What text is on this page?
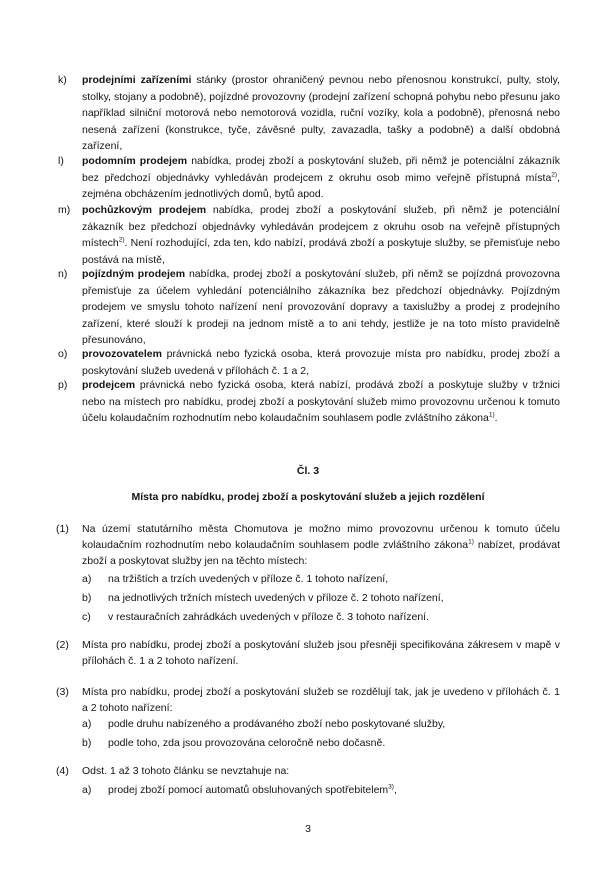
k)	prodejními zařízeními stánky (prostor ohraničený pevnou nebo přenosnou konstrukcí, pulty, stoly, stolky, stojany a podobně), pojízdné provozovny (prodejní zařízení schopná pohybu nebo přesunu jako například silniční motorová nebo nemotorová vozidla, ruční vozíky, kola a podobně), přenosná nebo nesená zařízení (konstrukce, tyče, závěsné pulty, zavazadla, tašky a podobně) a další obdobná zařízení,
l)	podomním prodejem nabídka, prodej zboží a poskytování služeb, při němž je potenciální zákazník bez předchozí objednávky vyhledáván prodejcem z okruhu osob mimo veřejně přístupná místa$^{2)}$, zejména obcházením jednotlivých domů, bytů apod.
m)	pochůzkovým prodejem nabídka, prodej zboží a poskytování služeb, při němž je potenciální zákazník bez předchozí objednávky vyhledáván prodejcem z okruhu osob na veřejně přístupných místech$^{2)}$. Není rozhodující, zda ten, kdo nabízí, prodává zboží a poskytuje služby, se přemisťuje nebo postává na místě,
n)	pojízdným prodejem nabídka, prodej zboží a poskytování služeb, při němž se pojízdná provozovna přemisťuje za účelem vyhledání potenciálního zákazníka bez předchozí objednávky. Pojízdným prodejem ve smyslu tohoto nařízení není provozování dopravy a taxislužby a prodej z prodejního zařízení, které slouží k prodeji na jednom místě a to ani tehdy, jestliže je na toto místo pravidelně přesunováno,
o)	provozovatelem právnická nebo fyzická osoba, která provozuje místa pro nabídku, prodej zboží a poskytování služeb uvedená v přílohách č. 1 a 2,
p)	prodejcem právnická nebo fyzická osoba, která nabízí, prodává zboží a poskytuje služby v tržnici nebo na místech pro nabídku, prodej zboží a poskytování služeb mimo provozovnu určenou k tomuto účelu kolaudačním rozhodnutím nebo kolaudačním souhlasem podle zvláštního zákona$^{1)}$.
Čl. 3
Místa pro nabídku, prodej zboží a poskytování služeb a jejich rozdělení
(1) Na území statutárního města Chomutova je možno mimo provozovnu určenou k tomuto účelu kolaudačním rozhodnutím nebo kolaudačním souhlasem podle zvláštního zákona$^{1)}$ nabízet, prodávat zboží a poskytovat služby jen na těchto místech:
a) na tržištích a trzích uvedených v příloze č. 1 tohoto nařízení,
b) na jednotlivých tržních místech uvedených v příloze č. 2 tohoto nařízení,
c) v restauračních zahrádkách uvedených v příloze č. 3 tohoto nařízení.
(2) Místa pro nabídku, prodej zboží a poskytování služeb jsou přesněji specifikována zákresem v mapě v přílohách č. 1 a 2 tohoto nařízení.
(3) Místa pro nabídku, prodej zboží a poskytování služeb se rozdělují tak, jak je uvedeno v přílohách č. 1 a 2 tohoto nařízení:
a) podle druhu nabízeného a prodávaného zboží nebo poskytované služby,
b) podle toho, zda jsou provozována celoročně nebo dočasně.
(4) Odst. 1 až 3 tohoto článku se nevztahuje na:
a) prodej zboží pomocí automatů obsluhovaných spotřebitelem$^{3)}$,
3
